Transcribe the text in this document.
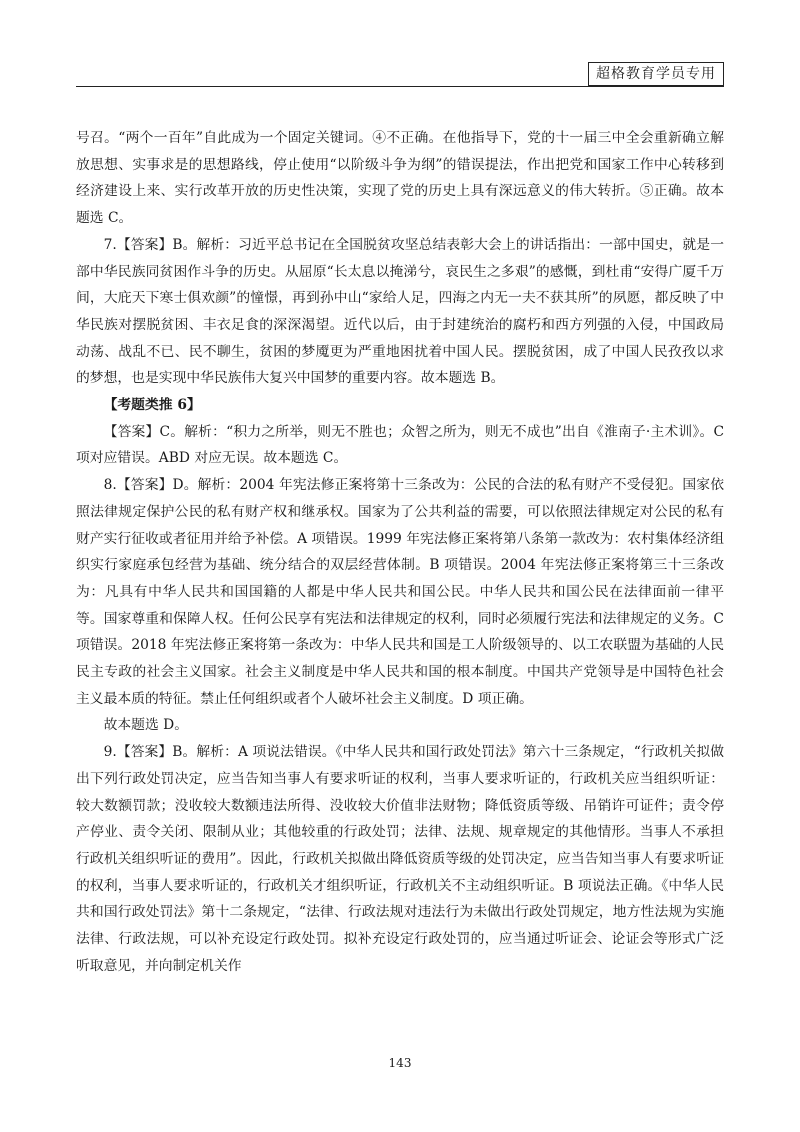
超格教育学员专用

号召。“两个一百年”自此成为一个固定关键词。④不正确。在他指导下，党的十一届三中全会重新确立解放思想、实事求是的思想路线，停止使用“以阶级斗争为纲”的错误提法，作出把党和国家工作中心转移到经济建设上来、实行改革开放的历史性决策，实现了党的历史上具有深远意义的伟大转折。⑤正确。故本题选 C。

7.【答案】B。解析：习近平总书记在全国脱贫攻坚总结表彰大会上的讲话指出：一部中国史，就是一部中华民族同贫困作斗争的历史。从屈原“长太息以掩涕兮，哀民生之多艰”的感慨，到杜甫“安得广厦千万间，大庇天下寒士俱欢颜”的憧憬，再到孙中山“家给人足，四海之内无一夫不获其所”的夙愿，都反映了中华民族对摆脱贫困、丰衣足食的深深渴望。近代以后，由于封建统治的腐朽和西方列强的入侵，中国政局动荡、战乱不已、民不聊生，贫困的梦魇更为严重地困扰着中国人民。摆脱贫困，成了中国人民孜孜以求的梦想，也是实现中华民族伟大复兴中国梦的重要内容。故本题选 B。

【考题类推 6】

【答案】C。解析：“积力之所举，则无不胜也；众智之所为，则无不成也”出自《淮南子·主术训》。C 项对应错误。ABD 对应无误。故本题选 C。

8.【答案】D。解析：2004 年宪法修正案将第十三条改为：公民的合法的私有财产不受侵犯。国家依照法律规定保护公民的私有财产权和继承权。国家为了公共利益的需要，可以依照法律规定对公民的私有财产实行征收或者征用并给予补偿。A 项错误。1999 年宪法修正案将第八条第一款改为：农村集体经济组织实行家庭承包经营为基础、统分结合的双层经营体制。B 项错误。2004 年宪法修正案将第三十三条改为：凡具有中华人民共和国国籍的人都是中华人民共和国公民。中华人民共和国公民在法律面前一律平等。国家尊重和保障人权。任何公民享有宪法和法律规定的权利，同时必须履行宪法和法律规定的义务。C 项错误。2018 年宪法修正案将第一条改为：中华人民共和国是工人阶级领导的、以工农联盟为基础的人民民主专政的社会主义国家。社会主义制度是中华人民共和国的根本制度。中国共产党领导是中国特色社会主义最本质的特征。禁止任何组织或者个人破坏社会主义制度。D 项正确。

故本题选 D。

9.【答案】B。解析：A 项说法错误。《中华人民共和国行政处罚法》第六十三条规定，“行政机关拟做出下列行政处罚决定，应当告知当事人有要求听证的权利，当事人要求听证的，行政机关应当组织听证：较大数额罚款；没收较大数额违法所得、没收较大价值非法财物；降低资质等级、吊销许可证件；责令停产停业、责令关闭、限制从业；其他较重的行政处罚；法律、法规、规章规定的其他情形。当事人不承担行政机关组织听证的费用”。因此，行政机关拟做出降低资质等级的处罚决定，应当告知当事人有要求听证的权利，当事人要求听证的，行政机关才组织听证，行政机关不主动组织听证。B 项说法正确。《中华人民共和国行政处罚法》第十二条规定，“法律、行政法规对违法行为未做出行政处罚规定，地方性法规为实施法律、行政法规，可以补充设定行政处罚。拟补充设定行政处罚的，应当通过听证会、论证会等形式广泛听取意见，并向制定机关作

143
